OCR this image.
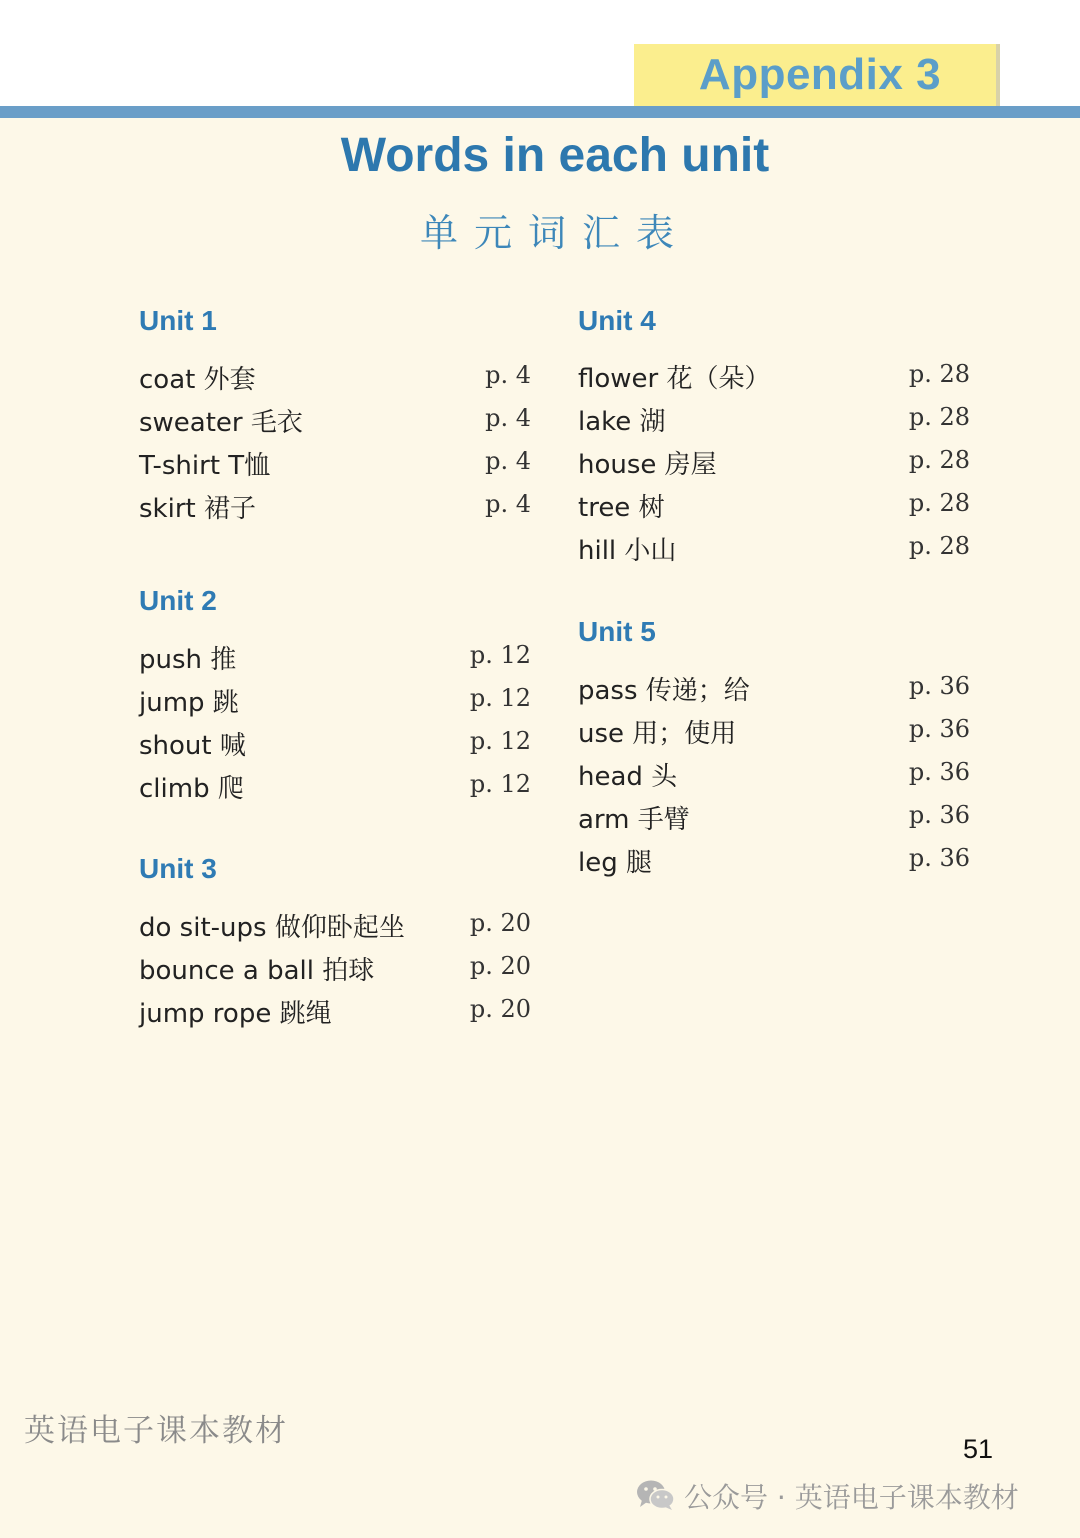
Appendix 3
Words in each unit
单元词汇表
Unit 1
coat 外套	p. 4
sweater 毛衣	p. 4
T-shirt T恤	p. 4
skirt 裙子	p. 4
Unit 2
push 推	p. 12
jump 跳	p. 12
shout 喊	p. 12
climb 爬	p. 12
Unit 3
do sit-ups 做仰卧起坐	p. 20
bounce a ball 拍球	p. 20
jump rope 跳绳	p. 20
Unit 4
flower 花（朵）	p. 28
lake 湖	p. 28
house 房屋	p. 28
tree 树	p. 28
hill 小山	p. 28
Unit 5
pass 传递；给	p. 36
use 用；使用	p. 36
head 头	p. 36
arm 手臂	p. 36
leg 腿	p. 36
英语电子课本教材	51
公众号 · 英语电子课本教材
